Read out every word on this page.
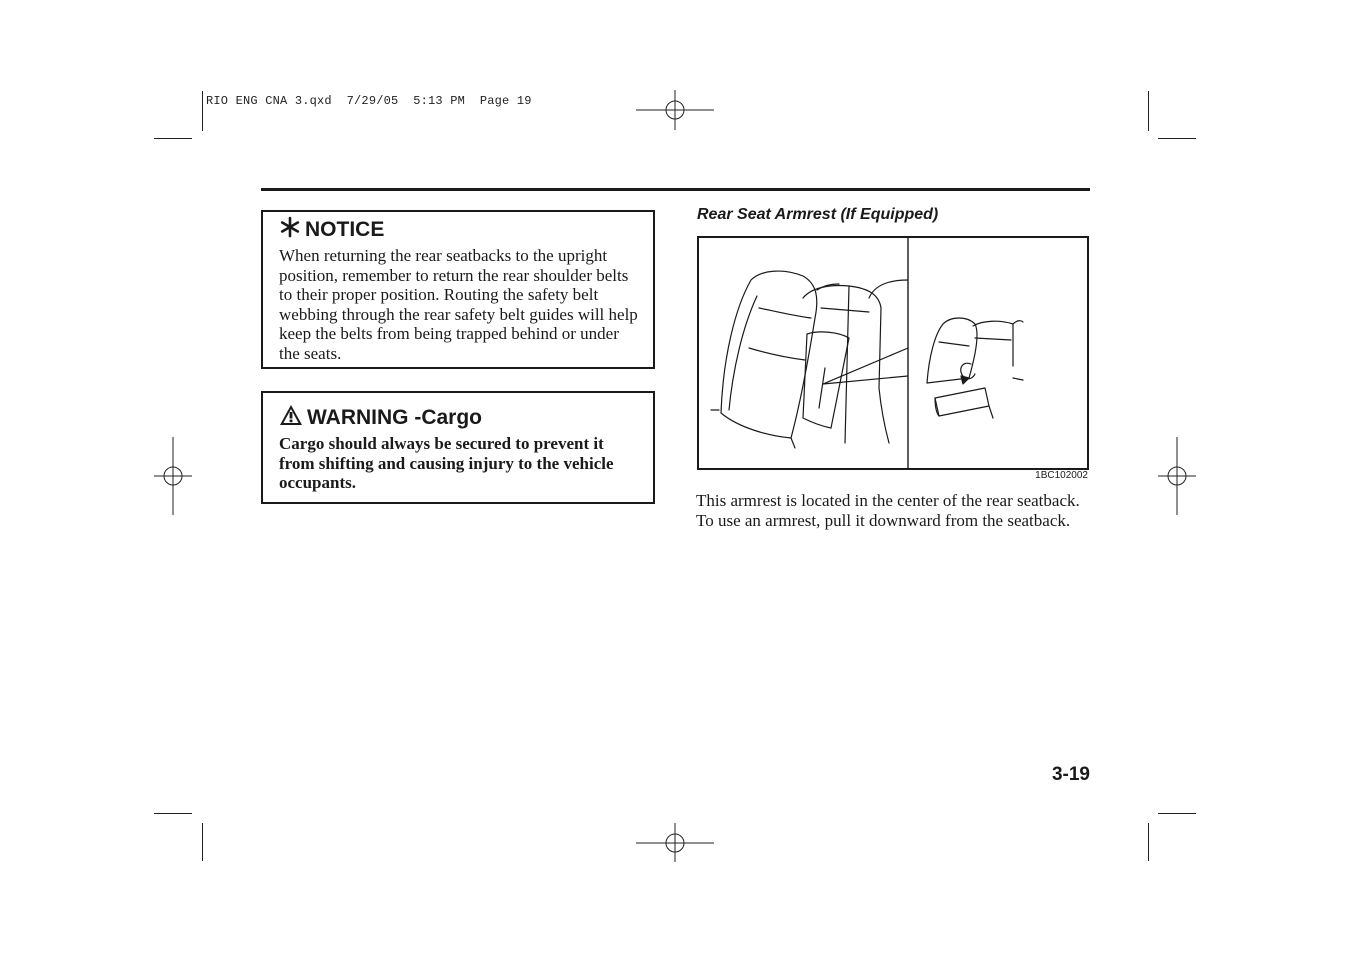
RIO ENG CNA 3.qxd  7/29/05  5:13 PM  Page 19
NOTICE
When returning the rear seatbacks to the upright position, remember to return the rear shoulder belts to their proper position. Routing the safety belt webbing through the rear safety belt guides will help keep the belts from being trapped behind or under the seats.
WARNING -Cargo
Cargo should always be secured to prevent it from shifting and causing injury to the vehicle occupants.
Rear Seat Armrest (If Equipped)
1BC102002
This armrest is located in the center of the rear seatback. To use an armrest, pull it downward from the seatback.
3-19
